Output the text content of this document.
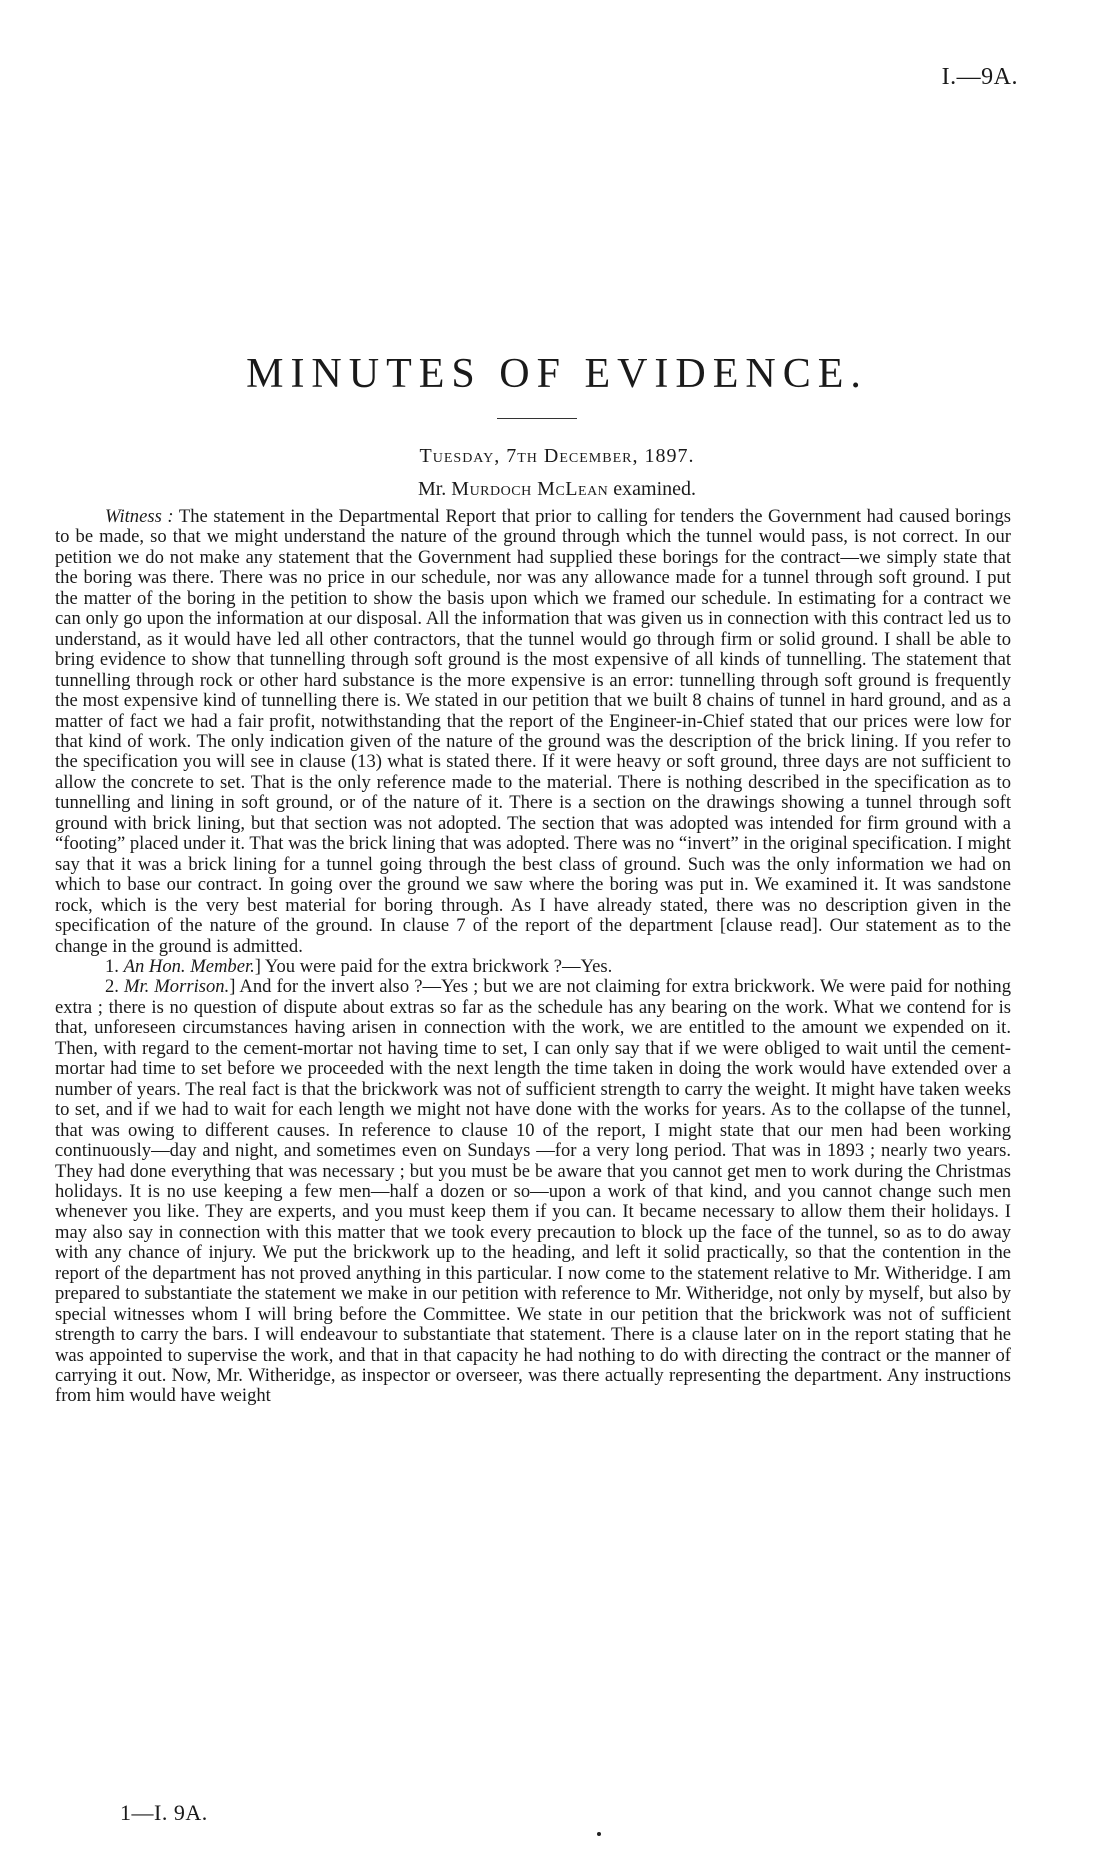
I.—9A.
MINUTES OF EVIDENCE.
Tuesday, 7th December, 1897.
Mr. Murdoch McLean examined.

Witness : The statement in the Departmental Report that prior to calling for tenders the Government had caused borings to be made, so that we might understand the nature of the ground through which the tunnel would pass, is not correct. In our petition we do not make any statement that the Government had supplied these borings for the contract—we simply state that the boring was there. There was no price in our schedule, nor was any allowance made for a tunnel through soft ground. I put the matter of the boring in the petition to show the basis upon which we framed our schedule. In estimating for a contract we can only go upon the information at our disposal. All the information that was given us in connection with this contract led us to understand, as it would have led all other contractors, that the tunnel would go through firm or solid ground. I shall be able to bring evidence to show that tunnelling through soft ground is the most expensive of all kinds of tunnelling. The statement that tunnelling through rock or other hard substance is the more expensive is an error: tunnelling through soft ground is frequently the most expensive kind of tunnelling there is. We stated in our petition that we built 8 chains of tunnel in hard ground, and as a matter of fact we had a fair profit, notwithstanding that the report of the Engineer-in-Chief stated that our prices were low for that kind of work. The only indication given of the nature of the ground was the description of the brick lining. If you refer to the specification you will see in clause (13) what is stated there. If it were heavy or soft ground, three days are not sufficient to allow the concrete to set. That is the only reference made to the material. There is nothing described in the specification as to tunnelling and lining in soft ground, or of the nature of it. There is a section on the drawings showing a tunnel through soft ground with brick lining, but that section was not adopted. The section that was adopted was intended for firm ground with a “footing” placed under it. That was the brick lining that was adopted. There was no “invert” in the original specification. I might say that it was a brick lining for a tunnel going through the best class of ground. Such was the only information we had on which to base our contract. In going over the ground we saw where the boring was put in. We examined it. It was sandstone rock, which is the very best material for boring through. As I have already stated, there was no description given in the specification of the nature of the ground. In clause 7 of the report of the department [clause read]. Our statement as to the change in the ground is admitted.

1. An Hon. Member.] You were paid for the extra brickwork ?—Yes.

2. Mr. Morrison.] And for the invert also ?—Yes ; but we are not claiming for extra brickwork. We were paid for nothing extra ; there is no question of dispute about extras so far as the schedule has any bearing on the work. What we contend for is that, unforeseen circumstances having arisen in connection with the work, we are entitled to the amount we expended on it. Then, with regard to the cement-mortar not having time to set, I can only say that if we were obliged to wait until the cement-mortar had time to set before we proceeded with the next length the time taken in doing the work would have extended over a number of years. The real fact is that the brickwork was not of sufficient strength to carry the weight. It might have taken weeks to set, and if we had to wait for each length we might not have done with the works for years. As to the collapse of the tunnel, that was owing to different causes. In reference to clause 10 of the report, I might state that our men had been working continuously—day and night, and sometimes even on Sundays —for a very long period. That was in 1893 ; nearly two years. They had done everything that was necessary ; but you must be be aware that you cannot get men to work during the Christmas holidays. It is no use keeping a few men—half a dozen or so—upon a work of that kind, and you cannot change such men whenever you like. They are experts, and you must keep them if you can. It became necessary to allow them their holidays. I may also say in connection with this matter that we took every precaution to block up the face of the tunnel, so as to do away with any chance of injury. We put the brickwork up to the heading, and left it solid practically, so that the contention in the report of the department has not proved anything in this particular. I now come to the statement relative to Mr. Witheridge. I am prepared to substantiate the statement we make in our petition with reference to Mr. Witheridge, not only by myself, but also by special witnesses whom I will bring before the Committee. We state in our petition that the brickwork was not of sufficient strength to carry the bars. I will endeavour to substantiate that statement. There is a clause later on in the report stating that he was appointed to supervise the work, and that in that capacity he had nothing to do with directing the contract or the manner of carrying it out. Now, Mr. Witheridge, as inspector or overseer, was there actually representing the department. Any instructions from him would have weight

1—I. 9A.
